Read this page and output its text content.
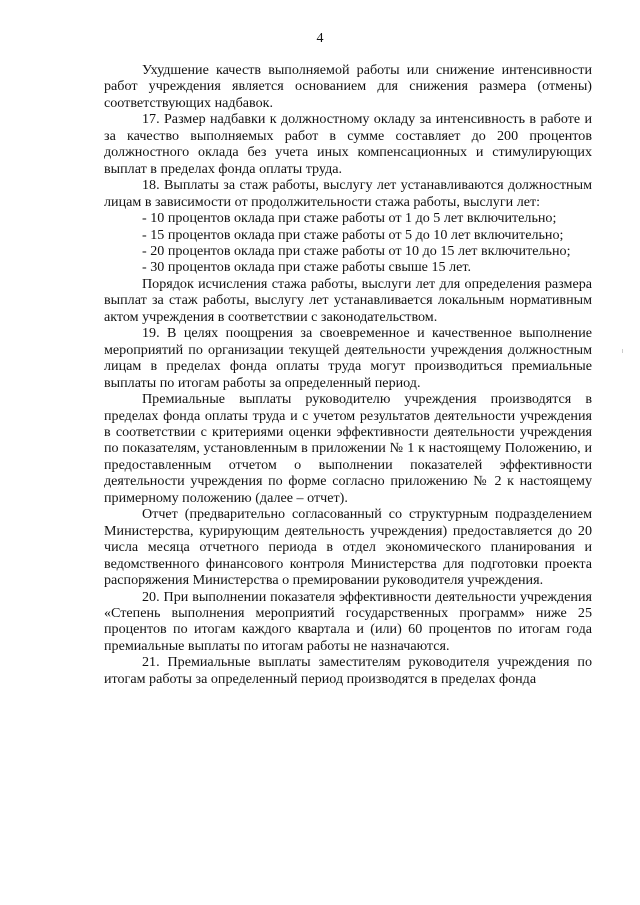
4

Ухудшение качеств выполняемой работы или снижение интенсивности работ учреждения является основанием для снижения размера (отмены) соответствующих надбавок.

17. Размер надбавки к должностному окладу за интенсивность в работе и за качество выполняемых работ в сумме составляет до 200 процентов должностного оклада без учета иных компенсационных и стимулирующих выплат в пределах фонда оплаты труда.

18. Выплаты за стаж работы, выслугу лет устанавливаются должностным лицам в зависимости от продолжительности стажа работы, выслуги лет:

- 10 процентов оклада при стаже работы от 1 до 5 лет включительно;

- 15 процентов оклада при стаже работы от 5 до 10 лет включительно;

- 20 процентов оклада при стаже работы от 10 до 15 лет включительно;

- 30 процентов оклада при стаже работы свыше 15 лет.

Порядок исчисления стажа работы, выслуги лет для определения размера выплат за стаж работы, выслугу лет устанавливается локальным нормативным актом учреждения в соответствии с законодательством.

19. В целях поощрения за своевременное и качественное выполнение мероприятий по организации текущей деятельности учреждения должностным лицам в пределах фонда оплаты труда могут производиться премиальные выплаты по итогам работы за определенный период.

Премиальные выплаты руководителю учреждения производятся в пределах фонда оплаты труда и с учетом результатов деятельности учреждения в соответствии с критериями оценки эффективности деятельности учреждения по показателям, установленным в приложении № 1 к настоящему Положению, и предоставленным отчетом о выполнении показателей эффективности деятельности учреждения по форме согласно приложению № 2 к настоящему примерному положению (далее – отчет).

Отчет (предварительно согласованный со структурным подразделением Министерства, курирующим деятельность учреждения) предоставляется до 20 числа месяца отчетного периода в отдел экономического планирования и ведомственного финансового контроля Министерства для подготовки проекта распоряжения Министерства о премировании руководителя учреждения.

20. При выполнении показателя эффективности деятельности учреждения «Степень выполнения мероприятий государственных программ» ниже 25 процентов по итогам каждого квартала и (или) 60 процентов по итогам года премиальные выплаты по итогам работы не назначаются.

21. Премиальные выплаты заместителям руководителя учреждения по итогам работы за определенный период производятся в пределах фонда
